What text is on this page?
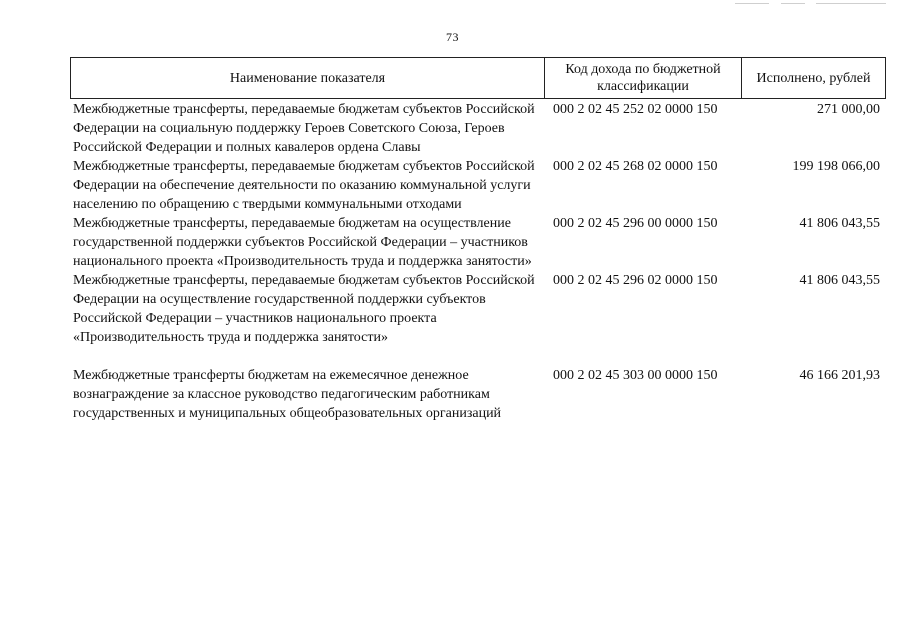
73
Наименование показателя
Код дохода по бюджетной классификации
Исполнено, рублей
Межбюджетные трансферты, передаваемые бюджетам субъектов Российской Федерации на социальную поддержку Героев Советского Союза, Героев Российской Федерации и полных кавалеров ордена Славы
000 2 02 45 252 02 0000 150	271 000,00
Межбюджетные трансферты, передаваемые бюджетам субъектов Российской Федерации на обеспечение деятельности по оказанию коммунальной услуги населению по обращению с твердыми коммунальными отходами
000 2 02 45 268 02 0000 150	199 198 066,00
Межбюджетные трансферты, передаваемые бюджетам на осуществление государственной поддержки субъектов Российской Федерации – участников национального проекта «Производительность труда и поддержка занятости»
000 2 02 45 296 00 0000 150	41 806 043,55
Межбюджетные трансферты, передаваемые бюджетам субъектов Российской Федерации на осуществление государственной поддержки субъектов Российской Федерации – участников национального проекта «Производительность труда и поддержка занятости»
000 2 02 45 296 02 0000 150	41 806 043,55
Межбюджетные трансферты бюджетам на ежемесячное денежное вознаграждение за классное руководство педагогическим работникам государственных и муниципальных общеобразовательных организаций
000 2 02 45 303 00 0000 150	46 166 201,93
